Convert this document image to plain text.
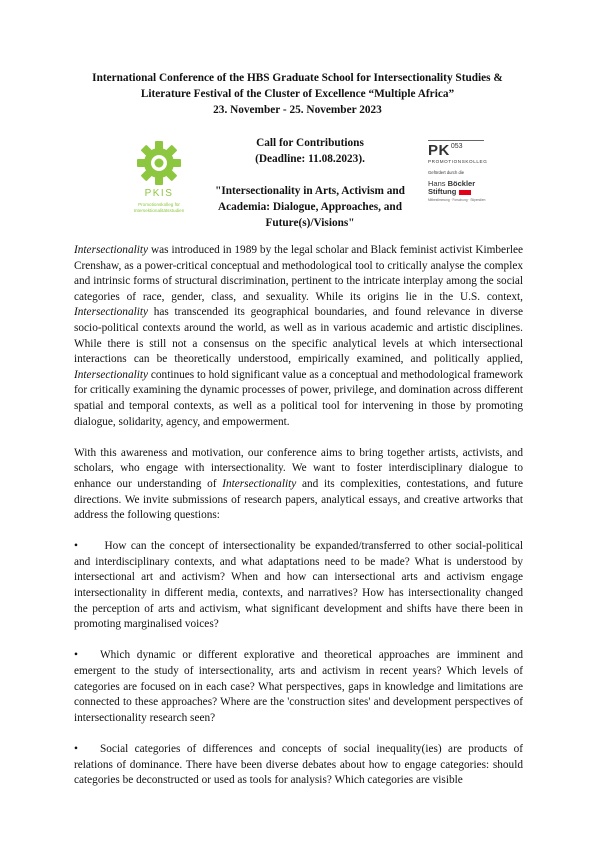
International Conference of the HBS Graduate School for Intersectionality Studies &
Literature Festival of the Cluster of Excellence “Multiple Africa”
23. November - 25. November 2023
PKIS
Promotionskolleg für
Intersektionalitätsstudien
Call for Contributions
(Deadline: 11.08.2023).
"Intersectionality in Arts, Activism and
Academia: Dialogue, Approaches, and
Future(s)/Visions"
PK 053
PROMOTIONSKOLLEG
Gefördert durch die
Hans Böckler
Stiftung
Mitbestimmung · Forschung · Stipendien

Intersectionality was introduced in 1989 by the legal scholar and Black feminist activist Kimberlee Crenshaw, as a power-critical conceptual and methodological tool to critically analyse the complex and intrinsic forms of structural discrimination, pertinent to the intricate interplay among the social categories of race, gender, class, and sexuality. While its origins lie in the U.S. context, Intersectionality has transcended its geographical boundaries, and found relevance in diverse socio-political contexts around the world, as well as in various academic and artistic disciplines. While there is still not a consensus on the specific analytical levels at which intersectional interactions can be theoretically understood, empirically examined, and politically applied, Intersectionality continues to hold significant value as a conceptual and methodological framework for critically examining the dynamic processes of power, privilege, and domination across different spatial and temporal contexts, as well as a political tool for intervening in those by promoting dialogue, solidarity, agency, and empowerment.

With this awareness and motivation, our conference aims to bring together artists, activists, and scholars, who engage with intersectionality. We want to foster interdisciplinary dialogue to enhance our understanding of Intersectionality and its complexities, contestations, and future directions. We invite submissions of research papers, analytical essays, and creative artworks that address the following questions:

• How can the concept of intersectionality be expanded/transferred to other social-political and interdisciplinary contexts, and what adaptations need to be made? What is understood by intersectional art and activism? When and how can intersectional arts and activism engage intersectionality in different media, contexts, and narratives? How has intersectionality changed the perception of arts and activism, what significant development and shifts have there been in promoting marginalised voices?

• Which dynamic or different explorative and theoretical approaches are imminent and emergent to the study of intersectionality, arts and activism in recent years? Which levels of categories are focused on in each case? What perspectives, gaps in knowledge and limitations are connected to these approaches? Where are the 'construction sites' and development perspectives of intersectionality research seen?

• Social categories of differences and concepts of social inequality(ies) are products of relations of dominance. There have been diverse debates about how to engage categories: should categories be deconstructed or used as tools for analysis? Which categories are visible
